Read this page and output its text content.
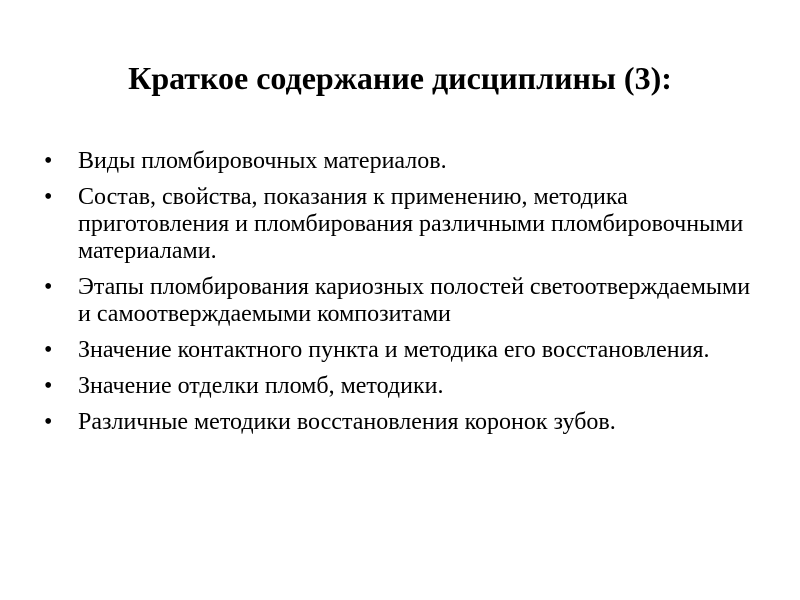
Краткое содержание дисциплины (3):
•	Виды пломбировочных материалов.
•	Состав, свойства, показания к применению, методика приготовления и пломбирования различными пломбировочными материалами.
•	Этапы пломбирования кариозных полостей светоотверждаемыми и самоотверждаемыми композитами
•	Значение контактного пункта и методика его восстановления.
•	Значение отделки пломб, методики.
•	Различные методики восстановления коронок зубов.
